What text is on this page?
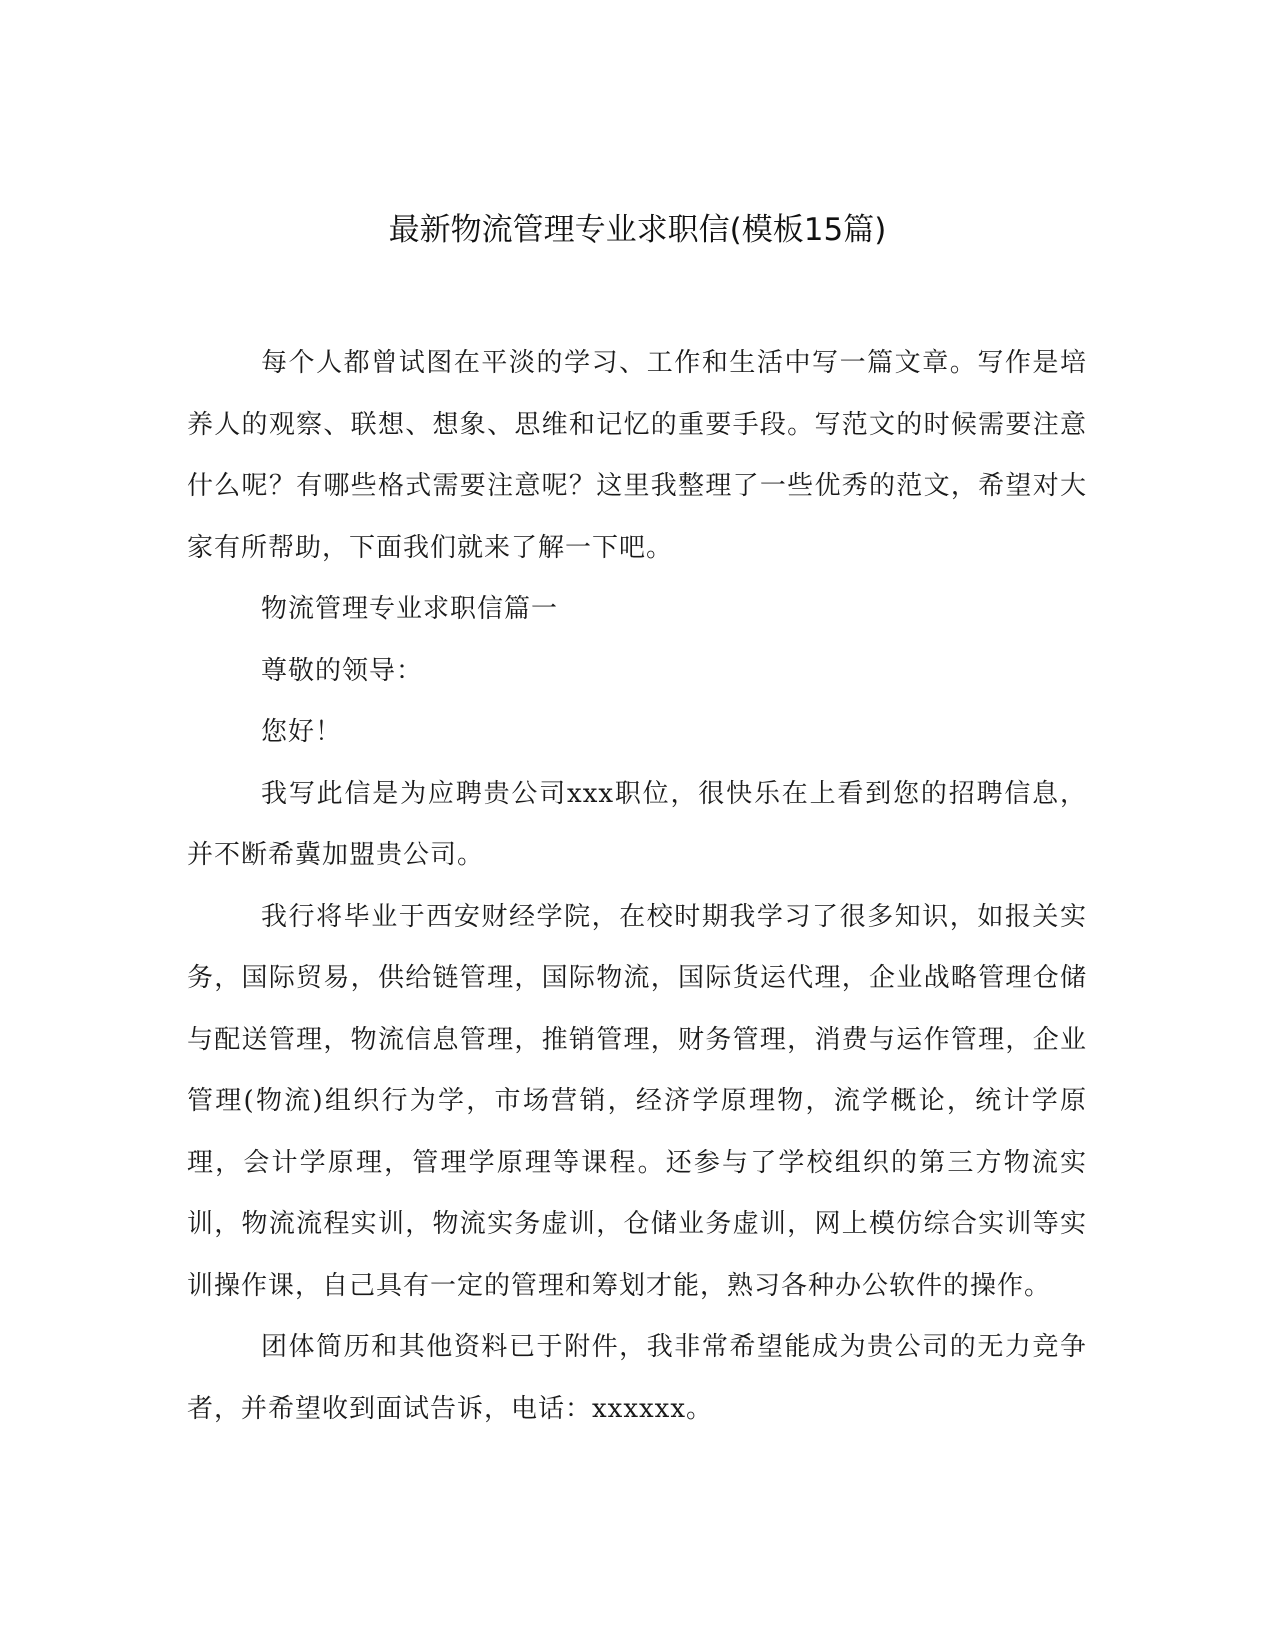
最新物流管理专业求职信(模板15篇)

每个人都曾试图在平淡的学习、工作和生活中写一篇文章。写作是培养人的观察、联想、想象、思维和记忆的重要手段。写范文的时候需要注意什么呢？有哪些格式需要注意呢？这里我整理了一些优秀的范文，希望对大家有所帮助，下面我们就来了解一下吧。

物流管理专业求职信篇一

尊敬的领导：

您好！

我写此信是为应聘贵公司xxx职位，很快乐在上看到您的招聘信息，并不断希冀加盟贵公司。

我行将毕业于西安财经学院，在校时期我学习了很多知识，如报关实务，国际贸易，供给链管理，国际物流，国际货运代理，企业战略管理仓储与配送管理，物流信息管理，推销管理，财务管理，消费与运作管理，企业管理(物流)组织行为学，市场营销，经济学原理物，流学概论，统计学原理，会计学原理，管理学原理等课程。还参与了学校组织的第三方物流实训，物流流程实训，物流实务虚训，仓储业务虚训，网上模仿综合实训等实训操作课，自己具有一定的管理和筹划才能，熟习各种办公软件的操作。

团体简历和其他资料已于附件，我非常希望能成为贵公司的无力竞争者，并希望收到面试告诉，电话：xxxxxx。
